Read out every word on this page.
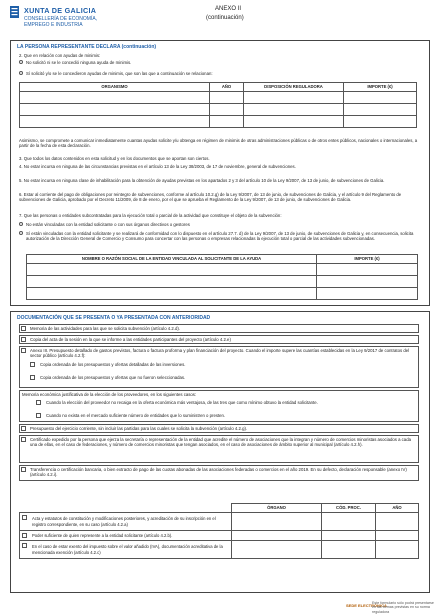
XUNTA DE GALICIA
CONSELLERÍA DE ECONOMÍA,
EMPREGO E INDUSTRIA
ANEXO II
(continuación)
LA PERSONA REPRESENTANTE DECLARA (continuación)
2. Que en relación con ayudas de minimis:
No solicitó ni se le concedió ninguna ayuda de minimis.
Sí solicitó y/o se le concedieron ayudas de minimis, que son las que a continuación se relacionan:
ORGANISMO	AÑO	DISPOSICIÓN REGULADORA	IMPORTE (€)

Asimismo, se compromete a comunicar inmediatamente cuantas ayudas solicite y/u obtenga en régimen de minimis de otras administraciones públicas o de otros entes públicos, nacionales o internacionales, a partir de la fecha de esta declaración.
3. Que todos los datos contenidos en esta solicitud y en los documentos que se aportan son ciertos.
4. No estar incursa en ninguna de las circunstancias previstas en el artículo 13 de la Ley 38/2003, de 17 de noviembre, general de subvenciones.
5. No estar incursa en ninguna clase de inhabilitación para la obtención de ayudas previstas en los apartados 2 y 3 del artículo 10 de la Ley 9/2007, de 13 de junio, de subvenciones de Galicia.
6. Estar al corriente del pago de obligaciones por reintegro de subvenciones, conforme al artículo 10.2.g) de la Ley 9/2007, de 13 de junio, de subvenciones de Galicia, y el artículo 9 del Reglamento de subvenciones de Galicia, aprobado por el Decreto 11/2009, de 8 de enero, por el que se aprueba el Reglamento de la Ley 9/2007, de 13 de junio, de subvenciones de Galicia.
7. Que las personas o entidades subcontratadas para la ejecución total o parcial de la actividad que constituye el objeto de la subvención:
No están vinculadas con la entidad solicitante o con sus órganos directivos o gestores
Sí están vinculadas con la entidad solicitante y se realizará de conformidad con lo dispuesto en el artículo 27.7. d) de la Ley 9/2007, de 13 de junio, de subvenciones de Galicia y, en consecuencia, solicita autorización de la Dirección General de Comercio y Consumo para concertar con las personas o empresas relacionadas la ejecución total o parcial de las actividades subvencionadas.
NOMBRE O RAZÓN SOCIAL DE LA ENTIDAD VINCULADA AL SOLICITANTE DE LA AYUDA	IMPORTE (€)

DOCUMENTACIÓN QUE SE PRESENTA O YA PRESENTADA CON ANTERIORIDAD
Memoria de las actividades para las que se solicita subvención (artículo 4.2.d).
Copia del acta de la sesión en la que se informe a las entidades participantes del proyecto (artículo 4.2.e)
Anexo III. Presupuesto detallado de gastos previstos, factura o factura proforma y plan financiación del proyecto. Cuando el importe supere las cuantías establecidas en la Ley 9/2017 de contratos del sector público (artículo 4.2.f):
Copia ordenada de los presupuestos y ofertas detalladas de las inversiones.
Copia ordenada de los presupuestos y ofertas que no fueron seleccionadas.
Memoria económica justificativa de la elección de los proveedores, en los siguientes casos:
Cuando la elección del proveedor no recaiga en la oferta económica más ventajosa, de las tres que como mínimo obtuvo la entidad solicitante.
Cuando no exista en el mercado suficiente número de entidades que lo suministren o presten.
Presupuesto del ejercicio corriente, sin incluir las partidas para las cuales se solicita la subvención (artículo 4.2.g).
Certificado expedido por la persona que ejerza la secretaría o representación de la entidad que acredite el número de asociaciones que la integran y número de comercios minoristas asociados a cada una de ellas, en el caso de federaciones, y número de comercios minoristas que tengan asociados, en el caso de asociaciones de ámbito superior al municipal (artículo 4.2.h).
Transferencia o certificación bancaria, o bien extracto de pago de las cuotas abonadas de las asociaciones federadas o comercios en el año 2019. En su defecto, declaración responsable (anexo IV) (artículo 4.2.i).
	ÓRGANO	CÓD. PROC.	AÑO

Acta y estatutos de constitución y modificaciones posteriores, y acreditación de su inscripción en el registro correspondiente, en su caso (artículo 4.2.a)			

Poder suficiente de quien represente a la entidad solicitante (artículo 4.2.b).			

En el caso de estar exento del impuesto sobre el valor añadido (IVA), documentación acreditativa de la mencionada exención (artículo 4.2.c)			

SEDE ELECTRÓNICA
Este formulario sólo podrá presentarse en las formas previstas en su norma reguladora
